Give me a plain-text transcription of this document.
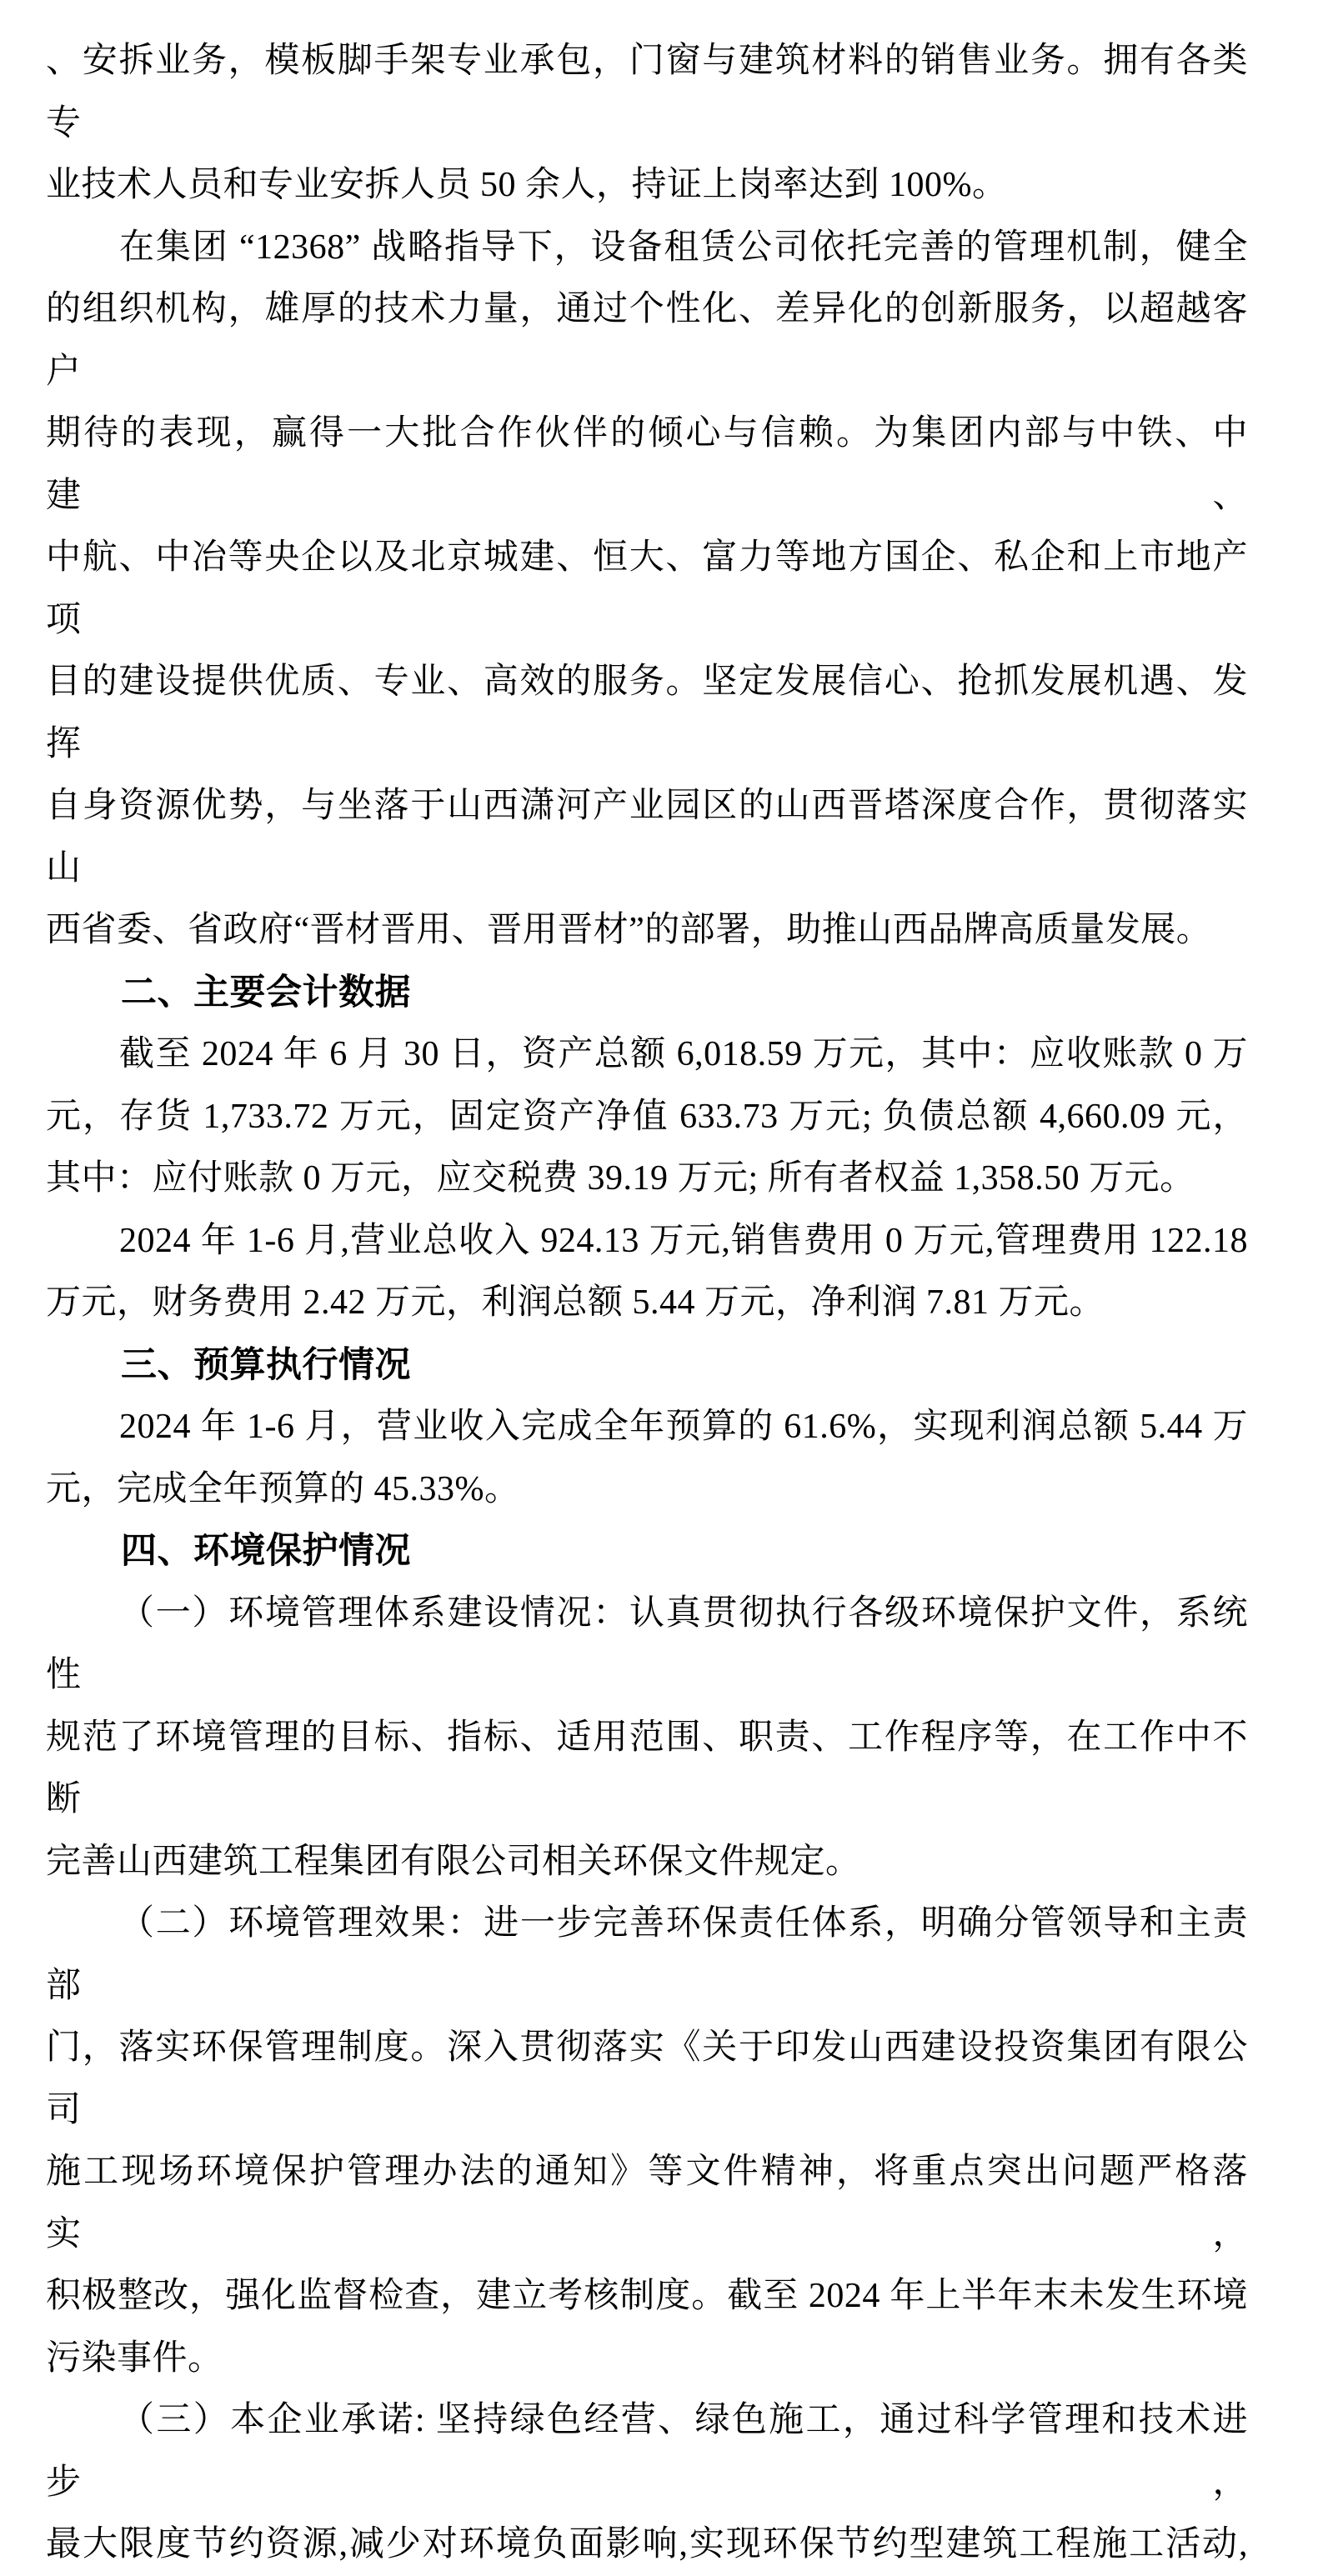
、安拆业务，模板脚手架专业承包，门窗与建筑材料的销售业务。拥有各类专
业技术人员和专业安拆人员 50 余人，持证上岗率达到 100%。
在集团 “12368” 战略指导下，设备租赁公司依托完善的管理机制，健全
的组织机构，雄厚的技术力量，通过个性化、差异化的创新服务，以超越客户
期待的表现，赢得一大批合作伙伴的倾心与信赖。为集团内部与中铁、中建、
中航、中冶等央企以及北京城建、恒大、富力等地方国企、私企和上市地产项
目的建设提供优质、专业、高效的服务。坚定发展信心、抢抓发展机遇、发挥
自身资源优势，与坐落于山西潇河产业园区的山西晋塔深度合作，贯彻落实山
西省委、省政府“晋材晋用、晋用晋材”的部署，助推山西品牌高质量发展。
二、主要会计数据
截至 2024 年 6 月 30 日，资产总额 6,018.59 万元，其中：应收账款 0 万
元，存货 1,733.72 万元，固定资产净值 633.73 万元; 负债总额 4,660.09 元，
其中：应付账款 0 万元，应交税费 39.19 万元; 所有者权益 1,358.50 万元。
2024 年 1-6 月,营业总收入 924.13 万元,销售费用 0 万元,管理费用 122.18
万元，财务费用 2.42 万元，利润总额 5.44 万元，净利润 7.81 万元。
三、预算执行情况
2024 年 1-6 月，营业收入完成全年预算的 61.6%，实现利润总额 5.44 万
元，完成全年预算的 45.33%。
四、环境保护情况
（一）环境管理体系建设情况：认真贯彻执行各级环境保护文件，系统性
规范了环境管理的目标、指标、适用范围、职责、工作程序等，在工作中不断
完善山西建筑工程集团有限公司相关环保文件规定。
（二）环境管理效果：进一步完善环保责任体系，明确分管领导和主责部
门，落实环保管理制度。深入贯彻落实《关于印发山西建设投资集团有限公司
施工现场环境保护管理办法的通知》等文件精神，将重点突出问题严格落实，
积极整改，强化监督检查，建立考核制度。截至 2024 年上半年末未发生环境
污染事件。
（三）本企业承诺: 坚持绿色经营、绿色施工，通过科学管理和技术进步，
最大限度节约资源,减少对环境负面影响,实现环保节约型建筑工程施工活动,
